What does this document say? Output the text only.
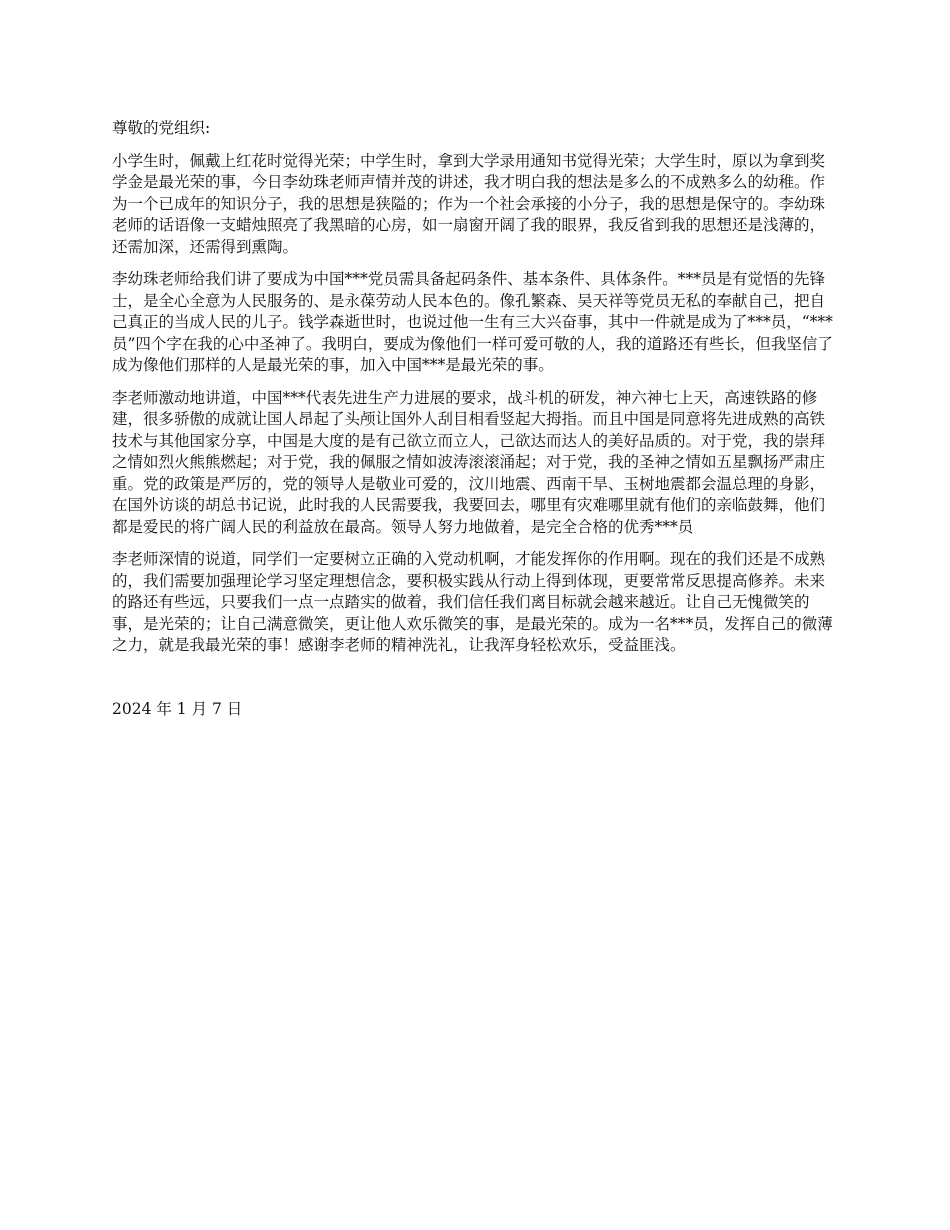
尊敬的党组织:

小学生时，佩戴上红花时觉得光荣；中学生时，拿到大学录用通知书觉得光荣；大学生时，原以为拿到奖学金是最光荣的事，今日李幼珠老师声情并茂的讲述，我才明白我的想法是多么的不成熟多么的幼稚。作为一个已成年的知识分子，我的思想是狭隘的；作为一个社会承接的小分子，我的思想是保守的。李幼珠老师的话语像一支蜡烛照亮了我黑暗的心房，如一扇窗开阔了我的眼界，我反省到我的思想还是浅薄的，还需加深，还需得到熏陶。

李幼珠老师给我们讲了要成为中国***党员需具备起码条件、基本条件、具体条件。***员是有觉悟的先锋士，是全心全意为人民服务的、是永葆劳动人民本色的。像孔繁森、吴天祥等党员无私的奉献自己，把自己真正的当成人民的儿子。钱学森逝世时，也说过他一生有三大兴奋事，其中一件就是成为了***员，“***员”四个字在我的心中圣神了。我明白，要成为像他们一样可爱可敬的人，我的道路还有些长，但我坚信了成为像他们那样的人是最光荣的事，加入中国***是最光荣的事。

李老师激动地讲道，中国***代表先进生产力进展的要求，战斗机的研发，神六神七上天，高速铁路的修建，很多骄傲的成就让国人昂起了头颅让国外人刮目相看竖起大拇指。而且中国是同意将先进成熟的高铁技术与其他国家分享，中国是大度的是有己欲立而立人，己欲达而达人的美好品质的。对于党，我的崇拜之情如烈火熊熊燃起；对于党，我的佩服之情如波涛滚滚涌起；对于党，我的圣神之情如五星飘扬严肃庄重。党的政策是严厉的，党的领导人是敬业可爱的，汶川地震、西南干旱、玉树地震都会温总理的身影，在国外访谈的胡总书记说，此时我的人民需要我，我要回去，哪里有灾难哪里就有他们的亲临鼓舞，他们都是爱民的将广阔人民的利益放在最高。领导人努力地做着，是完全合格的优秀***员

李老师深情的说道，同学们一定要树立正确的入党动机啊，才能发挥你的作用啊。现在的我们还是不成熟的，我们需要加强理论学习坚定理想信念，要积极实践从行动上得到体现，更要常常反思提高修养。未来的路还有些远，只要我们一点一点踏实的做着，我们信任我们离目标就会越来越近。让自己无愧微笑的事，是光荣的；让自己满意微笑，更让他人欢乐微笑的事，是最光荣的。成为一名***员，发挥自己的微薄之力，就是我最光荣的事！感谢李老师的精神洗礼，让我浑身轻松欢乐，受益匪浅。

2024 年 1 月 7 日
